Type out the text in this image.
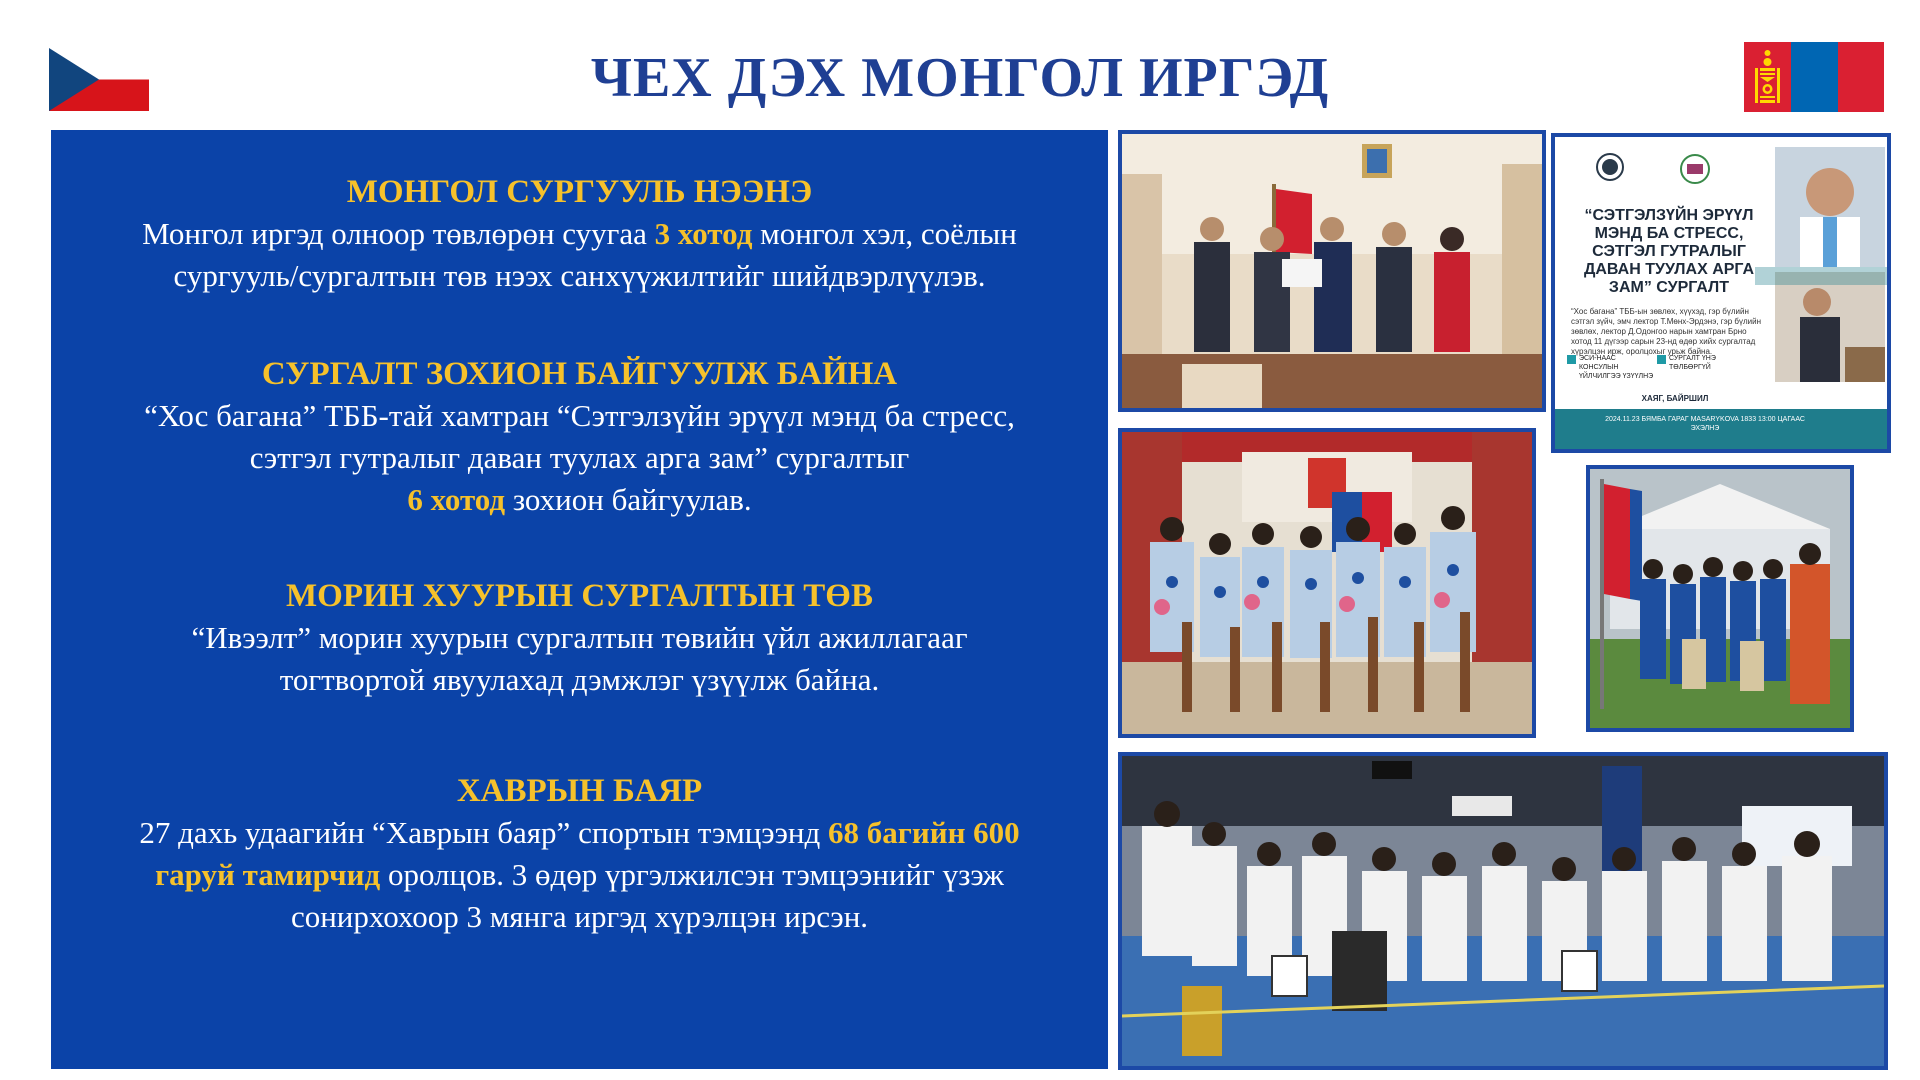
ЧЕХ ДЭХ МОНГОЛ ИРГЭД

МОНГОЛ СУРГУУЛЬ НЭЭНЭ

Монгол иргэд олноор төвлөрөн суугаа 3 хотод монгол хэл, соёлын
сургууль/сургалтын төв нээх санхүүжилтийг шийдвэрлүүлэв.

СУРГАЛТ ЗОХИОН БАЙГУУЛЖ БАЙНА

“Хос багана” ТББ-тай хамтран “Сэтгэлзүйн эрүүл мэнд ба стресс,
сэтгэл гутралыг даван туулах арга зам” сургалтыг
6 хотод зохион байгуулав.

МОРИН ХУУРЫН СУРГАЛТЫН ТӨВ

“Ивээлт” морин хуурын сургалтын төвийн үйл ажиллагааг
тогтвортой явуулахад дэмжлэг үзүүлж байна.

ХАВРЫН БАЯР

27 дахь удаагийн “Хаврын баяр” спортын тэмцээнд 68 багийн 600
гаруй тамирчид оролцов. 3 өдөр үргэлжилсэн тэмцээнийг үзэж
сонирхохоор 3 мянга иргэд хүрэлцэн ирсэн.

“СЭТГЭЛЗҮЙН ЭРҮҮЛ МЭНД БА СТРЕСС, СЭТГЭЛ ГУТРАЛЫГ ДАВАН ТУУЛАХ АРГА ЗАМ” СУРГАЛТ

“Хос багана” ТББ-ын зөвлөх, хүүхэд, гэр бүлийн сэтгэл зүйч, эмч лектор Т.Мөнх-Эрдэнэ, гэр бүлийн зөвлөх, лектор Д.Одонгоо нарын хамтран Брно хотод 11 дүгээр сарын 23-нд өдөр хийх сургалтад хүрэлцэн ирж, оролцохыг урьж байна.

ЭСИ-НААС КОНСУЛЫН ҮЙЛЧИЛГЭЭ ҮЗҮҮЛНЭ
СУРГАЛТ ҮНЭ ТӨЛБӨРГҮЙ
ХАЯГ, БАЙРШИЛ
2024.11.23 БЯМБА ГАРАГ MASARYKOVA 1833 13:00 ЦАГААС ЭХЭЛНЭ
